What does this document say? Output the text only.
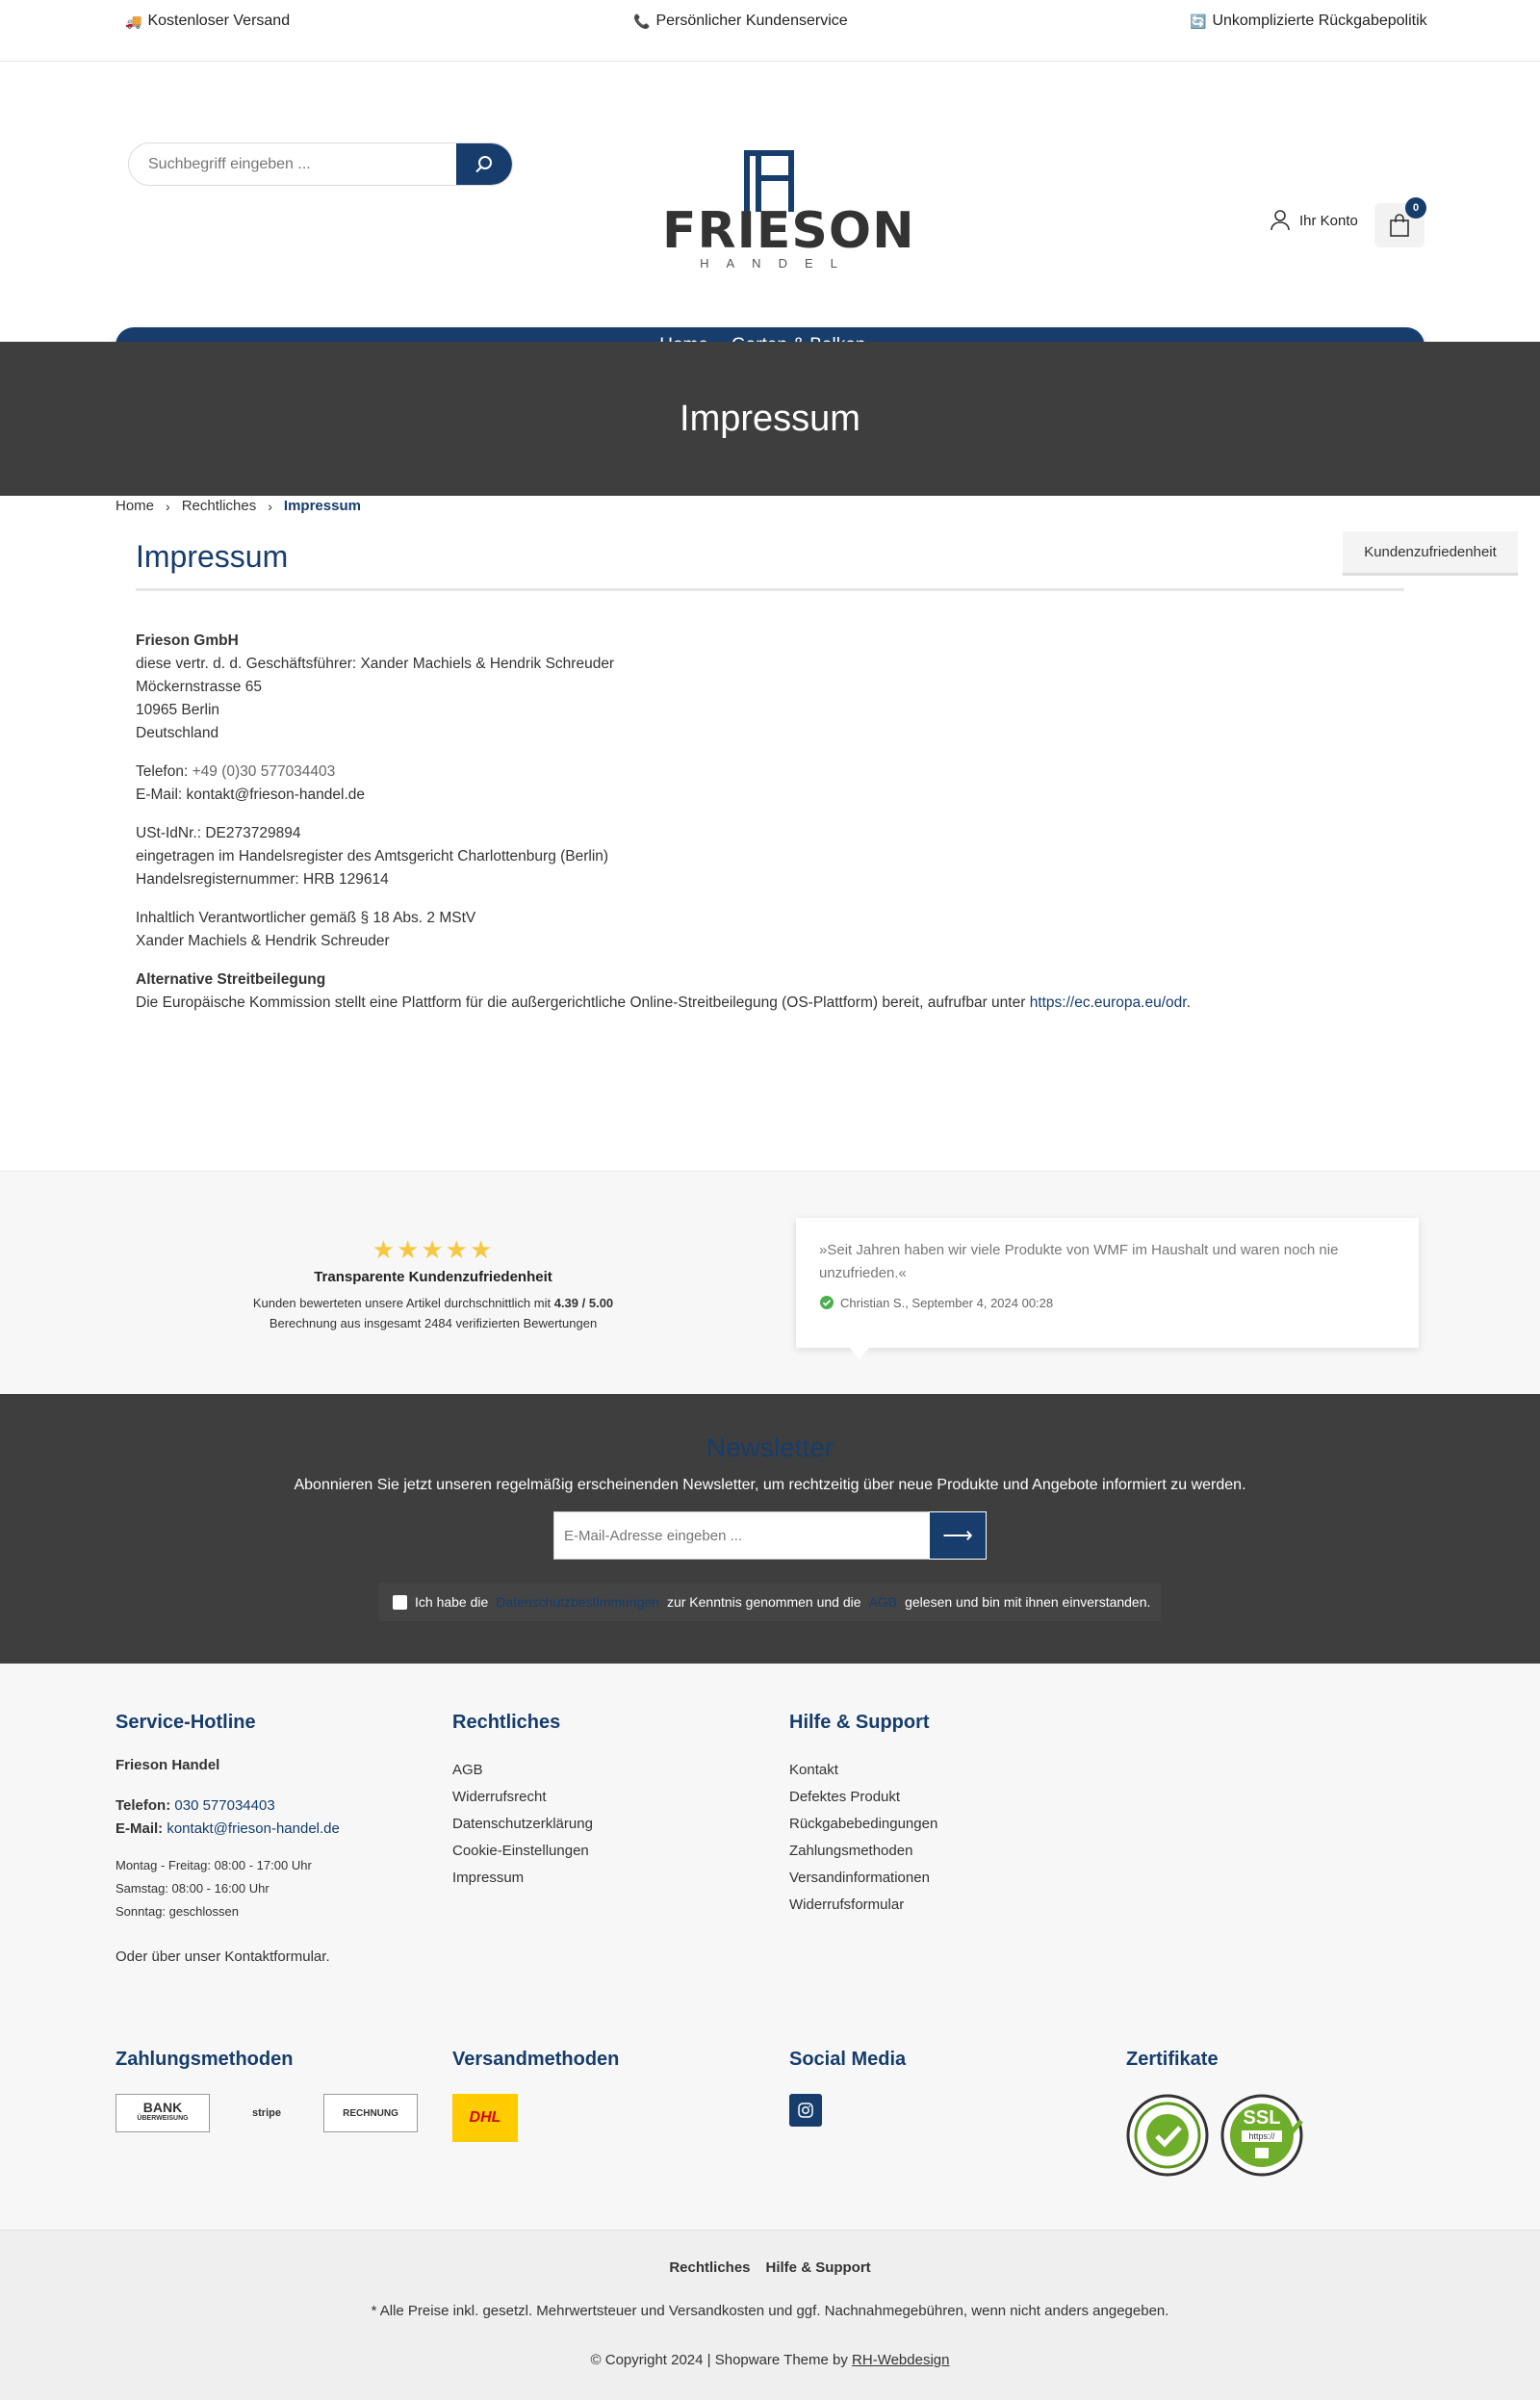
🚚 Kostenloser Versand	📞 Persönlicher Kundenservice	🔄 Unkomplizierte Rückgabepolitik
Suchbegriff eingeben ...
FRIESON
HANDEL
Ihr Konto
0
Impressum
Home › Rechtliches › Impressum
Kundenzufriedenheit
Impressum

Frieson GmbH
diese vertr. d. d. Geschäftsführer: Xander Machiels & Hendrik Schreuder
Möckernstrasse 65
10965 Berlin
Deutschland

Telefon: +49 (0)30 577034403
E-Mail: kontakt@frieson-handel.de

USt-IdNr.: DE273729894
eingetragen im Handelsregister des Amtsgericht Charlottenburg (Berlin)
Handelsregisternummer: HRB 129614

Inhaltlich Verantwortlicher gemäß § 18 Abs. 2 MStV
Xander Machiels & Hendrik Schreuder

Alternative Streitbeilegung
Die Europäische Kommission stellt eine Plattform für die außergerichtliche Online-Streitbeilegung (OS-Plattform) bereit, aufrufbar unter https://ec.europa.eu/odr.

★★★★★
Transparente Kundenzufriedenheit
Kunden bewerteten unsere Artikel durchschnittlich mit 4.39 / 5.00
Berechnung aus insgesamt 2484 verifizierten Bewertungen
»Seit Jahren haben wir viele Produkte von WMF im Haushalt und waren noch nie unzufrieden.«
Christian S., September 4, 2024 00:28
Newsletter

Abonnieren Sie jetzt unseren regelmäßig erscheinenden Newsletter, um rechtzeitig über neue Produkte und Angebote informiert zu werden.

E-Mail-Adresse eingeben ...
⟶
Ich habe die Datenschutzbestimmungen zur Kenntnis genommen und die AGB gelesen und bin mit ihnen einverstanden.
Service-Hotline
Frieson Handel
Telefon: 030 577034403
E-Mail: kontakt@frieson-handel.de
Montag - Freitag: 08:00 - 17:00 Uhr
Samstag: 08:00 - 16:00 Uhr
Sonntag: geschlossen
Oder über unser Kontaktformular.
Rechtliches
AGB
Widerrufsrecht
Datenschutzerklärung
Cookie-Einstellungen
Impressum
Hilfe & Support
Kontakt
Defektes Produkt
Rückgabebedingungen
Zahlungsmethoden
Versandinformationen
Widerrufsformular
Zahlungsmethoden
BANK
ÜBERWEISUNG	stripe	RECHNUNG
Versandmethoden
DHL
Social Media	Zertifikate
SSL
https://
Rechtliches Hilfe & Support
* Alle Preise inkl. gesetzl. Mehrwertsteuer und Versandkosten und ggf. Nachnahmegebühren, wenn nicht anders angegeben.
© Copyright 2024 | Shopware Theme by RH-Webdesign
